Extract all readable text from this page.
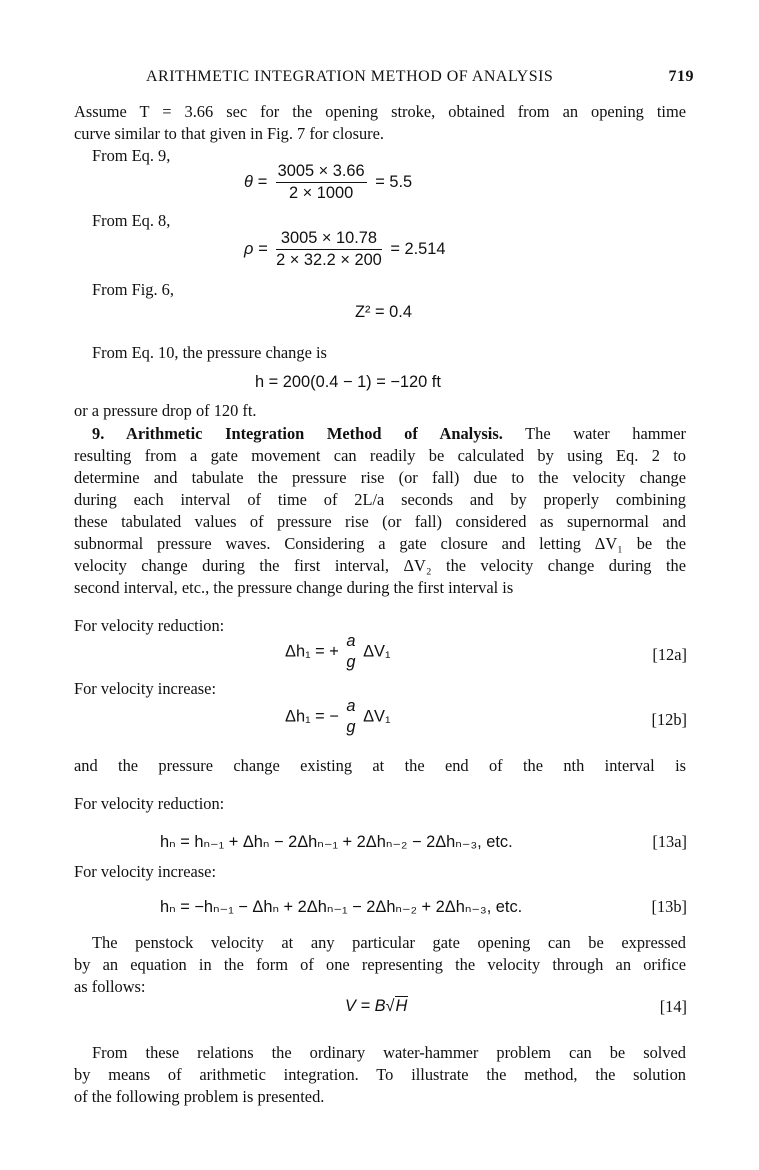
ARITHMETIC INTEGRATION METHOD OF ANALYSIS	719
Assume T = 3.66 sec for the opening stroke, obtained from an opening time
curve similar to that given in Fig. 7 for closure.
From Eq. 9,
$\theta = \frac{3005 \times 3.66}{2 \times 1000} = 5.5$
From Eq. 8,
$\rho = \frac{3005 \times 10.78}{2 \times 32.2 \times 200} = 2.514$
From Fig. 6,
Z² = 0.4
From Eq. 10, the pressure change is
h = 200(0.4 − 1) = −120 ft
or a pressure drop of 120 ft.
9. Arithmetic Integration Method of Analysis. The water hammer
resulting from a gate movement can readily be calculated by using Eq. 2 to
determine and tabulate the pressure rise (or fall) due to the velocity change
during each interval of time of 2L/a seconds and by properly combining
these tabulated values of pressure rise (or fall) considered as supernormal and
subnormal pressure waves. Considering a gate closure and letting ΔV₁ be the
velocity change during the first interval, ΔV₂ the velocity change during the
second interval, etc., the pressure change during the first interval is
For velocity reduction:
Δh₁ = +
a
g
ΔV₁	[12a]
For velocity increase:
Δh₁ = −
a
g
ΔV₁	[12b]
and the pressure change existing at the end of the nth interval is
For velocity reduction:
hₙ = hₙ₋₁ + Δhₙ − 2Δhₙ₋₁ + 2Δhₙ₋₂ − 2Δhₙ₋₃, etc.	[13a]
For velocity increase:
hₙ = −hₙ₋₁ − Δhₙ + 2Δhₙ₋₁ − 2Δhₙ₋₂ + 2Δhₙ₋₃, etc.	[13b]
The penstock velocity at any particular gate opening can be expressed
by an equation in the form of one representing the velocity through an orifice
as follows:
V = B√H	[14]
From these relations the ordinary water-hammer problem can be solved
by means of arithmetic integration. To illustrate the method, the solution
of the following problem is presented.
